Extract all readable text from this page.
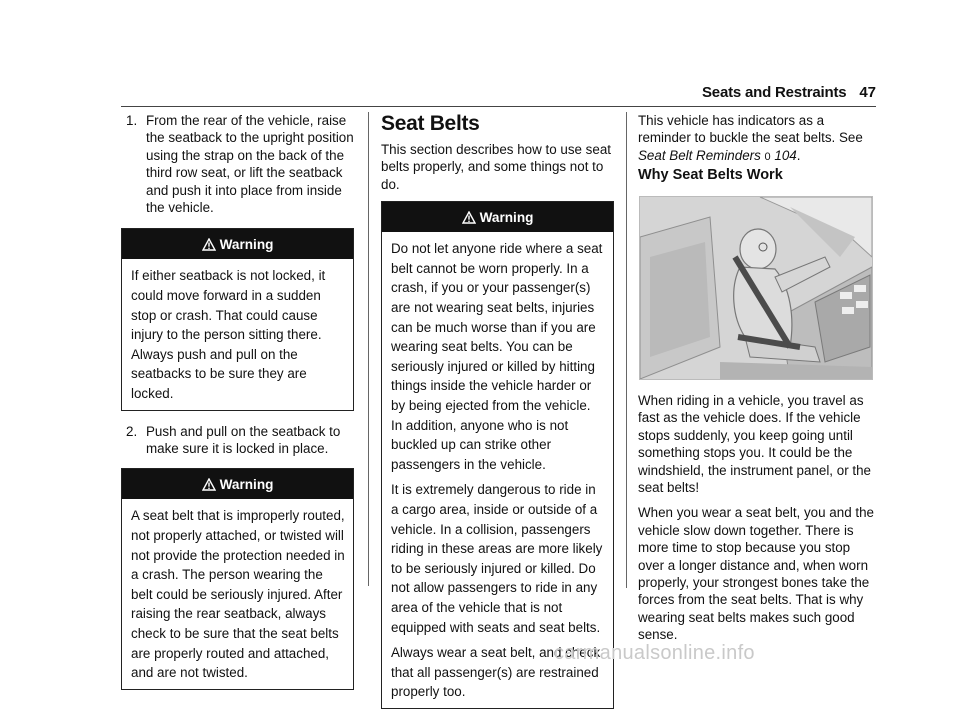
Seats and Restraints 47
1. From the rear of the vehicle, raise the seatback to the upright position using the strap on the back of the third row seat, or lift the seatback and push it into place from inside the vehicle.
Warning

If either seatback is not locked, it could move forward in a sudden stop or crash. That could cause injury to the person sitting there. Always push and pull on the seatbacks to be sure they are locked.

2. Push and pull on the seatback to make sure it is locked in place.
Warning

A seat belt that is improperly routed, not properly attached, or twisted will not provide the protection needed in a crash. The person wearing the belt could be seriously injured. After raising the rear seatback, always check to be sure that the seat belts are properly routed and attached, and are not twisted.

Seat Belts

This section describes how to use seat belts properly, and some things not to do.

Warning

Do not let anyone ride where a seat belt cannot be worn properly. In a crash, if you or your passenger(s) are not wearing seat belts, injuries can be much worse than if you are wearing seat belts. You can be seriously injured or killed by hitting things inside the vehicle harder or by being ejected from the vehicle. In addition, anyone who is not buckled up can strike other passengers in the vehicle.

It is extremely dangerous to ride in a cargo area, inside or outside of a vehicle. In a collision, passengers riding in these areas are more likely to be seriously injured or killed. Do not allow passengers to ride in any area of the vehicle that is not equipped with seats and seat belts.

Always wear a seat belt, and check that all passenger(s) are restrained properly too.

This vehicle has indicators as a reminder to buckle the seat belts. See Seat Belt Reminders 0 104.

Why Seat Belts Work

When riding in a vehicle, you travel as fast as the vehicle does. If the vehicle stops suddenly, you keep going until something stops you. It could be the windshield, the instrument panel, or the seat belts!

When you wear a seat belt, you and the vehicle slow down together. There is more time to stop because you stop over a longer distance and, when worn properly, your strongest bones take the forces from the seat belts. That is why wearing seat belts makes such good sense.

carmanualsonline.info
